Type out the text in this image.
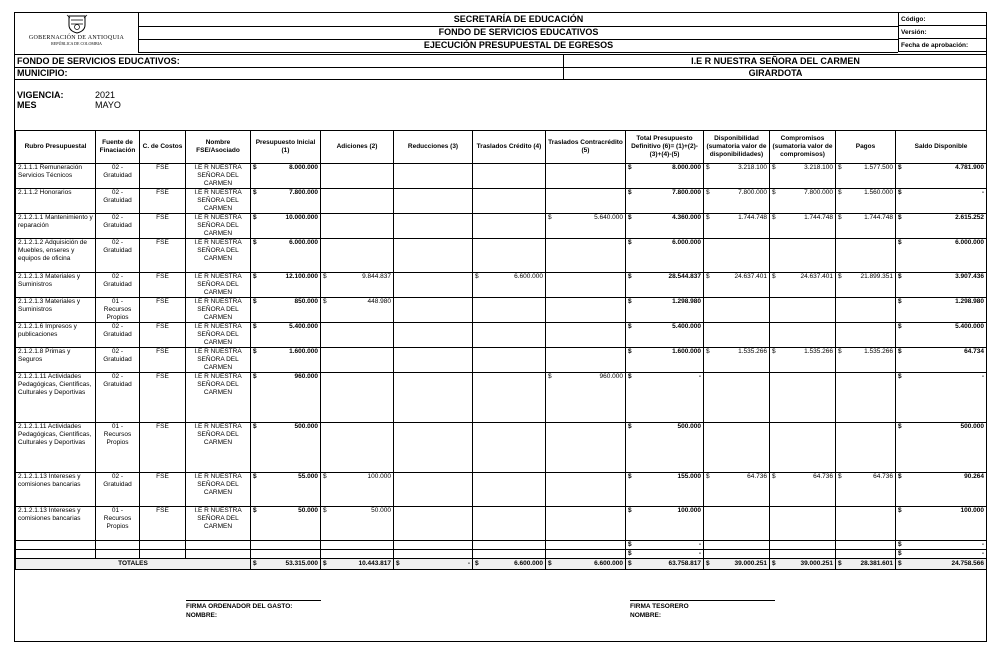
GOBERNACIÓN DE ANTIOQUIA
REPÚBLICA DE COLOMBIA
SECRETARÍA DE EDUCACIÓN
FONDO DE SERVICIOS EDUCATIVOS
EJECUCIÓN PRESUPUESTAL DE EGRESOS
Código:
Versión:
Fecha de aprobación:
FONDO DE SERVICIOS EDUCATIVOS:	I.E R NUESTRA SEÑORA DEL CARMEN
MUNICIPIO:	GIRARDOTA
VIGENCIA:	2021
MES	MAYO
Rubro Presupuestal	Fuente de Finaciación	C. de Costos	Nombre FSE/Asociado	Presupuesto Inicial (1)	Adiciones (2)	Reducciones (3)	Traslados Crédito (4)	Traslados Contracrédito (5)	Total Presupuesto Definitivo (6)= (1)+(2)-(3)+(4)-(5)	Disponibilidad (sumatoria valor de disponibilidades)	Compromisos (sumatoria valor de compromisos)	Pagos	Saldo Disponible
2.1.1.1 Remuneración Servicios Técnicos	02 - Gratuidad	FSE	I.E R NUESTRA SEÑORA DEL CARMEN	$ 8.000.000					$ 8.000.000	$ 3.218.100	$ 3.218.100	$ 1.577.500	$ 4.781.900

2.1.1.2 Honorarios	02 - Gratuidad	FSE	I.E R NUESTRA SEÑORA DEL CARMEN	$ 7.800.000					$ 7.800.000	$ 7.800.000	$ 7.800.000	$ 1.560.000	$ -

2.1.2.1.1 Mantenimiento y reparación	02 - Gratuidad	FSE	I.E R NUESTRA SEÑORA DEL CARMEN	$ 10.000.000				$ 5.640.000	$ 4.360.000	$ 1.744.748	$ 1.744.748	$ 1.744.748	$ 2.615.252

2.1.2.1.2 Adquisición de Muebles, enseres y equipos de oficina	02 - Gratuidad	FSE	I.E R NUESTRA SEÑORA DEL CARMEN	$ 6.000.000					$ 6.000.000				$ 6.000.000

2.1.2.1.3 Materiales y Suministros	02 - Gratuidad	FSE	I.E R NUESTRA SEÑORA DEL CARMEN	$ 12.100.000	$ 9.844.837		$ 6.600.000		$ 28.544.837	$ 24.637.401	$ 24.637.401	$ 21.899.351	$ 3.907.436

2.1.2.1.3 Materiales y Suministros	01 - Recursos Propios	FSE	I.E R NUESTRA SEÑORA DEL CARMEN	$ 850.000	$ 448.980				$ 1.298.980				$ 1.298.980

2.1.2.1.6 Impresos y publicaciones	02 - Gratuidad	FSE	I.E R NUESTRA SEÑORA DEL CARMEN	$ 5.400.000					$ 5.400.000				$ 5.400.000

2.1.2.1.8 Primas y Seguros	02 - Gratuidad	FSE	I.E R NUESTRA SEÑORA DEL CARMEN	$ 1.600.000					$ 1.600.000	$ 1.535.266	$ 1.535.266	$ 1.535.266	$ 64.734

2.1.2.1.11 Actividades Pedagógicas, Científicas, Culturales y Deportivas	02 - Gratuidad	FSE	I.E R NUESTRA SEÑORA DEL CARMEN	$ 960.000				$ 960.000	$ -				$ -

2.1.2.1.11 Actividades Pedagógicas, Científicas, Culturales y Deportivas	01 - Recursos Propios	FSE	I.E R NUESTRA SEÑORA DEL CARMEN	$ 500.000					$ 500.000				$ 500.000

2.1.2.1.13 Intereses y comisiones bancarias	02 - Gratuidad	FSE	I.E R NUESTRA SEÑORA DEL CARMEN	$ 55.000	$ 100.000				$ 155.000	$ 64.736	$ 64.736	$ 64.736	$ 90.264

2.1.2.1.13 Intereses y comisiones bancarias	01 - Recursos Propios	FSE	I.E R NUESTRA SEÑORA DEL CARMEN	$ 50.000	$ 50.000				$ 100.000				$ 100.000

									$ -				$ -

									$ -				$ -

TOTALES				$ 53.315.000	$ 10.443.817	$ -	$ 6.600.000	$ 6.600.000	$ 63.758.817	$ 39.000.251	$ 39.000.251	$ 28.381.601	$ 24.758.566
FIRMA ORDENADOR DEL GASTO:
NOMBRE:
FIRMA TESORERO
NOMBRE:
